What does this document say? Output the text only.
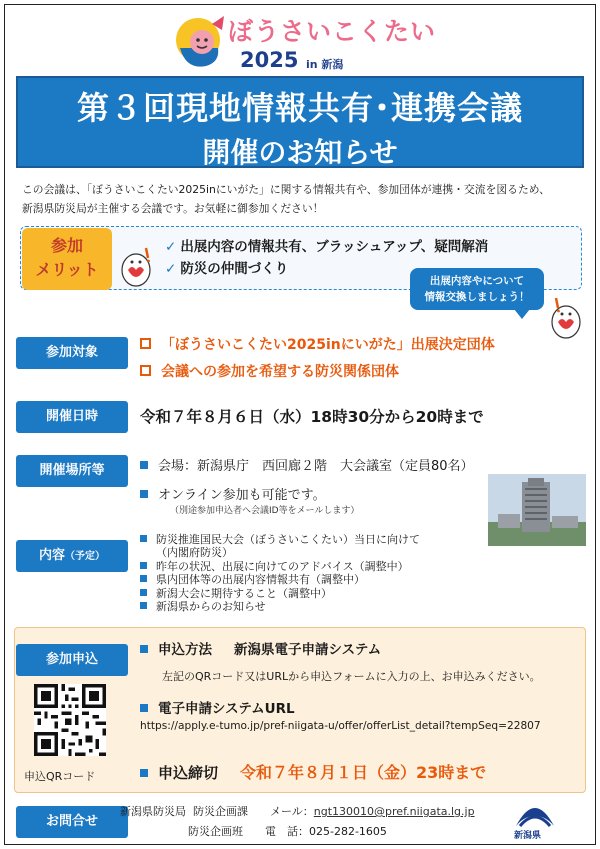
ぼうさいこくたい
2025 in 新潟
第３回現地情報共有･連携会議
開催のお知らせ
この会議は、「ぼうさいこくたい2025inにいがた」に関する情報共有や、参加団体が連携・交流を図るため、
新潟県防災局が主催する会議です。お気軽に御参加ください！
参加
メリット
✓ 出展内容の情報共有、ブラッシュアップ、疑問解消
✓ 防災の仲間づくり
出展内容やについて
情報交換しましょう！
参加対象	「ぼうさいこくたい2025inにいがた」出展決定団体
会議への参加を希望する防災関係団体
開催日時	令和７年８月６日（水）18時30分から20時まで
開催場所等	会場：新潟県庁　西回廊２階　大会議室（定員80名）
オンライン参加も可能です。
（別途参加申込者へ会議ID等をメールします）
内容（予定）
防災推進国民大会（ぼうさいこくたい）当日に向けて
（内閣府防災）
昨年の状況、出展に向けてのアドバイス（調整中）
県内団体等の出展内容情報共有（調整中）
新潟大会に期待すること（調整中）
新潟県からのお知らせ
参加申込
申込方法 新潟県電子申請システム
左記のQRコード又はURLから申込フォームに入力の上、お申込みください。
電子申請システムURL
https://apply.e-tumo.jp/pref-niigata-u/offer/offerList_detail?tempSeq=22807
申込締切 令和７年８月１日（金）23時まで
申込QRコード
お問合せ
新潟県防災局 防災企画課 メール：ngt130010@pref.niigata.lg.jp
防災企画班 電　話：025-282-1605	新潟県
